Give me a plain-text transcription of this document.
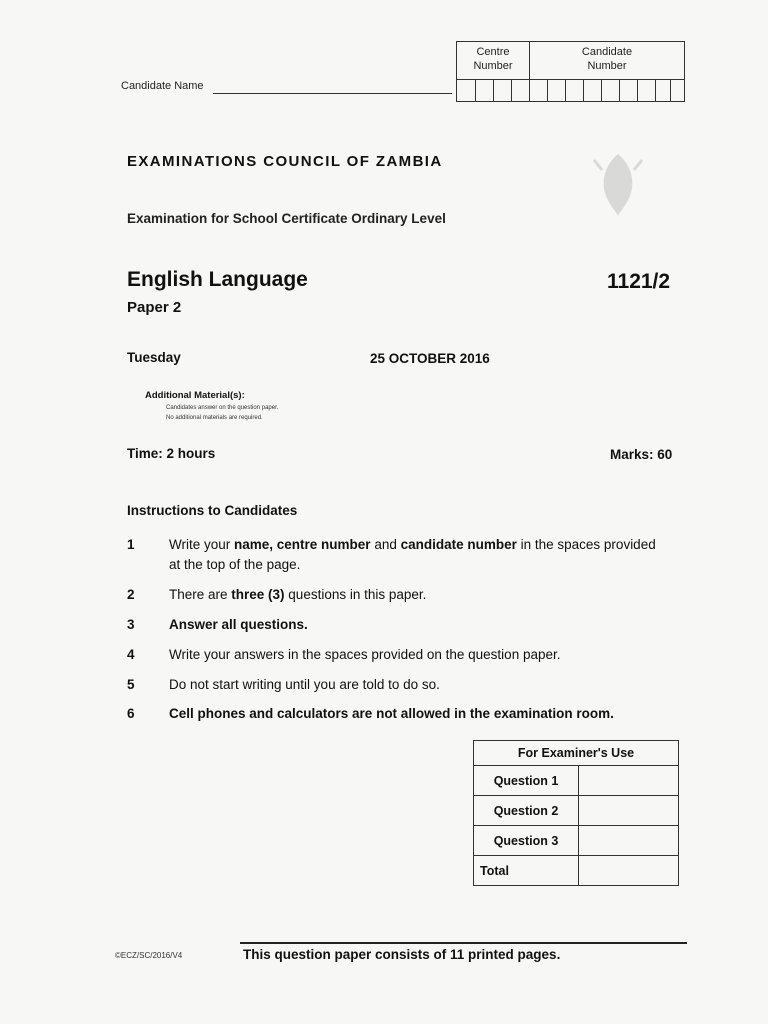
Centre
Number
Candidate
Number
Candidate Name
EXAMINATIONS COUNCIL OF ZAMBIA
Examination for School Certificate Ordinary Level
English Language
Paper 2
1121/2
Tuesday	25 OCTOBER 2016
Additional Material(s):
Candidates answer on the question paper.
No additional materials are required.
Time: 2 hours	Marks: 60
Instructions to Candidates
1	Write your name, centre number and candidate number in the spaces provided at the top of the page.
2	There are three (3) questions in this paper.
3	Answer all questions.
4	Write your answers in the spaces provided on the question paper.
5	Do not start writing until you are told to do so.
6	Cell phones and calculators are not allowed in the examination room.
For Examiner's Use	
Question 1	
Question 2	
Question 3	
Total	
©ECZ/SC/2016/V4	This question paper consists of 11 printed pages.
